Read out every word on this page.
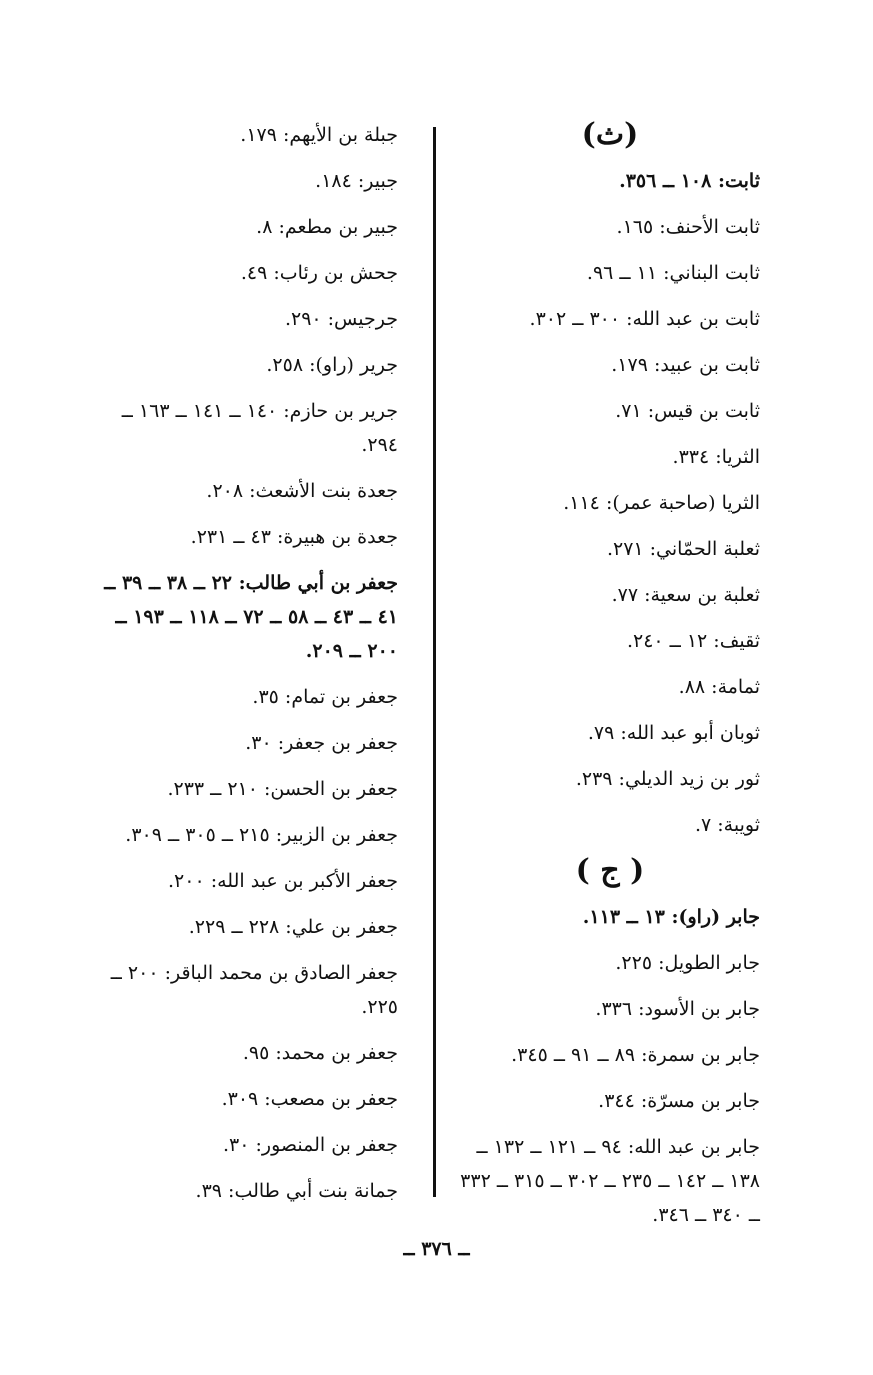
(ث)
ثابت: ١٠٨ ــ ٣٥٦.
ثابت الأحنف: ١٦٥.
ثابت البناني: ١١ ــ ٩٦.
ثابت بن عبد الله: ٣٠٠ ــ ٣٠٢.
ثابت بن عبيد: ١٧٩.
ثابت بن قيس: ٧١.
الثريا: ٣٣٤.
الثريا (صاحبة عمر): ١١٤.
ثعلبة الحمّاني: ٢٧١.
ثعلبة بن سعية: ٧٧.
ثقيف: ١٢ ــ ٢٤٠.
ثمامة: ٨٨.
ثوبان أبو عبد الله: ٧٩.
ثور بن زيد الديلي: ٢٣٩.
ثويبة: ٧.
( ج )
جابر (راو): ١٣ ــ ١١٣.
جابر الطويل: ٢٢٥.
جابر بن الأسود: ٣٣٦.
جابر بن سمرة: ٨٩ ــ ٩١ ــ ٣٤٥.
جابر بن مسرّة: ٣٤٤.
جابر بن عبد الله: ٩٤ ــ ١٢١ ــ ١٣٢ ــ ١٣٨ ــ ١٤٢ ــ ٢٣٥ ــ ٣٠٢ ــ ٣١٥ ــ ٣٣٢ ــ ٣٤٠ ــ ٣٤٦.
جبلة بن الأيهم: ١٧٩.
جبير: ١٨٤.
جبير بن مطعم: ٨.
جحش بن رئاب: ٤٩.
جرجيس: ٢٩٠.
جرير (راو): ٢٥٨.
جرير بن حازم: ١٤٠ ــ ١٤١ ــ ١٦٣ ــ ٢٩٤.
جعدة بنت الأشعث: ٢٠٨.
جعدة بن هبيرة: ٤٣ ــ ٢٣١.
جعفر بن أبي طالب: ٢٢ ــ ٣٨ ــ ٣٩ ــ ٤١ ــ ٤٣ ــ ٥٨ ــ ٧٢ ــ ١١٨ ــ ١٩٣ ــ ٢٠٠ ــ ٢٠٩.
جعفر بن تمام: ٣٥.
جعفر بن جعفر: ٣٠.
جعفر بن الحسن: ٢١٠ ــ ٢٣٣.
جعفر بن الزبير: ٢١٥ ــ ٣٠٥ ــ ٣٠٩.
جعفر الأكبر بن عبد الله: ٢٠٠.
جعفر بن علي: ٢٢٨ ــ ٢٢٩.
جعفر الصادق بن محمد الباقر: ٢٠٠ ــ ٢٢٥.
جعفر بن محمد: ٩٥.
جعفر بن مصعب: ٣٠٩.
جعفر بن المنصور: ٣٠.
جمانة بنت أبي طالب: ٣٩.
ــ ٣٧٦ ــ
